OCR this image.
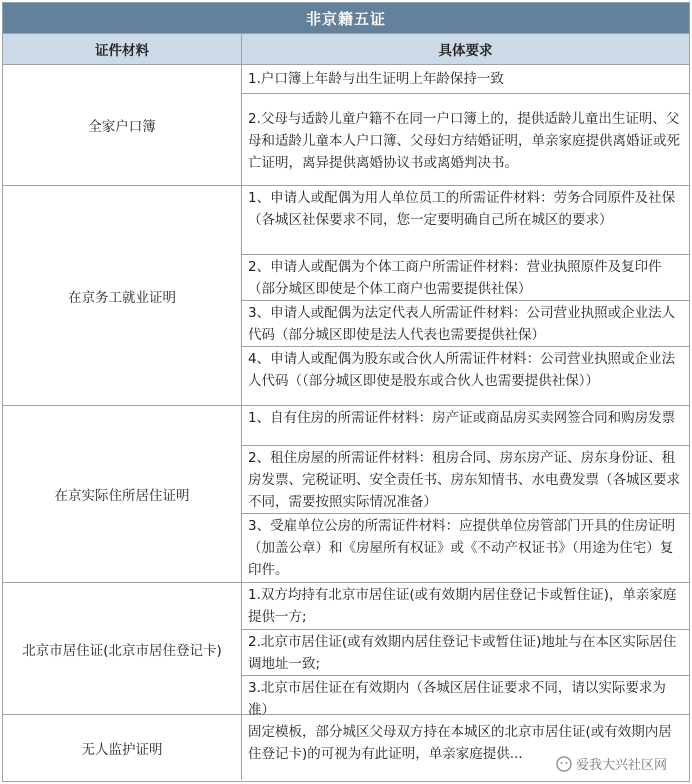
非京籍五证
证件材料	具体要求
全家户口簿
1.户口簿上年龄与出生证明上年龄保持一致
2.父母与适龄儿童户籍不在同一户口簿上的，提供适龄儿童出生证明、父母和适龄儿童本人户口簿、父母妇方结婚证明，单亲家庭提供离婚证或死亡证明，离异提供离婚协议书或离婚判决书。
在京务工就业证明
1、申请人或配偶为用人单位员工的所需证件材料：劳务合同原件及社保（各城区社保要求不同，您一定要明确自己所在城区的要求）
2、申请人或配偶为个体工商户所需证件材料：营业执照原件及复印件（部分城区即使是个体工商户也需要提供社保）
3、申请人或配偶为法定代表人所需证件材料：公司营业执照或企业法人代码（部分城区即使是法人代表也需要提供社保）
4、申请人或配偶为股东或合伙人所需证件材料：公司营业执照或企业法人代码（（部分城区即使是股东或合伙人也需要提供社保））
在京实际住所居住证明
1、自有住房的所需证件材料：房产证或商品房买卖网签合同和购房发票
2、租住房屋的所需证件材料：租房合同、房东房产证、房东身份证、租房发票、完税证明、安全责任书、房东知情书、水电费发票（各城区要求不同，需要按照实际情况准备）
3、受雇单位公房的所需证件材料：应提供单位房管部门开具的住房证明（加盖公章）和《房屋所有权证》或《不动产权证书》（用途为住宅）复印件。
北京市居住证(北京市居住登记卡)
1.双方均持有北京市居住证(或有效期内居住登记卡或暂住证)，单亲家庭提供一方;
2.北京市居住证(或有效期内居住登记卡或暂住证)地址与在本区实际居住调地址一致;
3.北京市居住证在有效期内（各城区居住证要求不同，请以实际要求为准）
无人监护证明
固定模板，部分城区父母双方持在本城区的北京市居住证(或有效期内居住登记卡)的可视为有此证明，单亲家庭提供...
爱我大兴社区网
